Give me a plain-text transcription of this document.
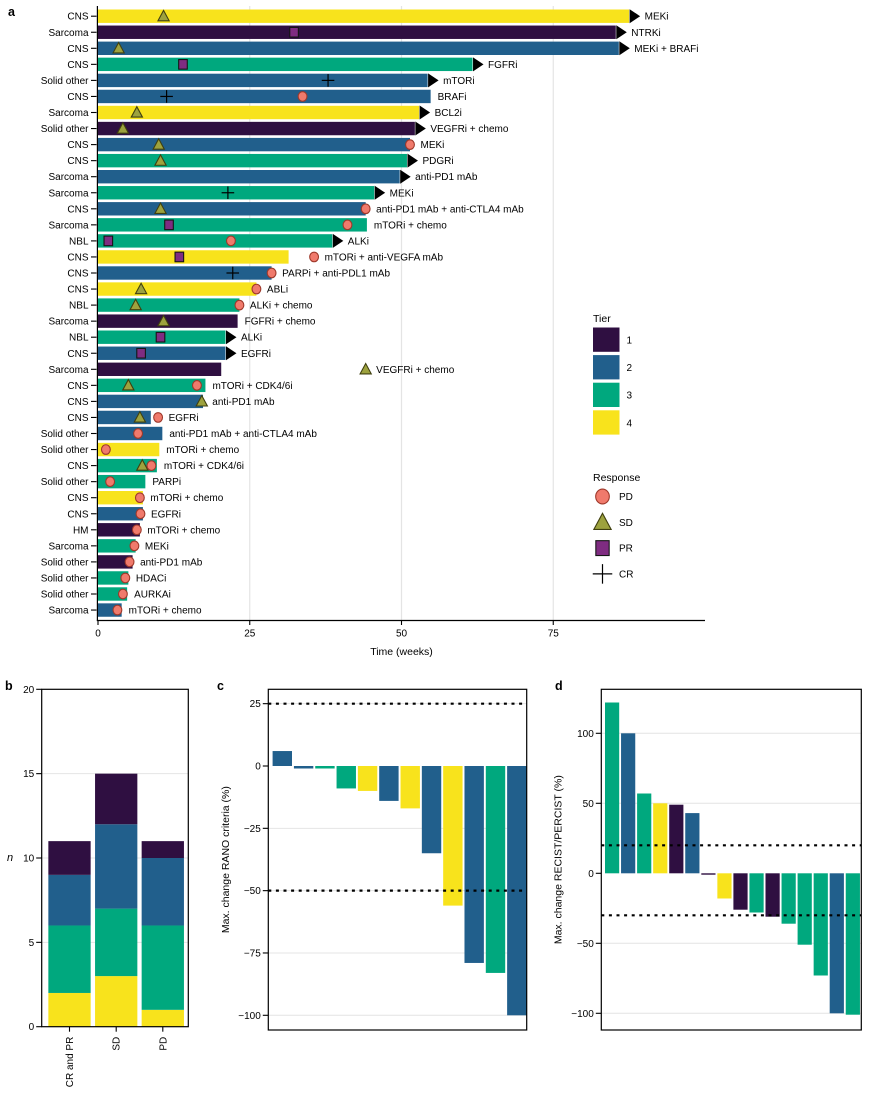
a
b	c	d
0	25	50	75
Time (weeks)
CNS	MEKi
Sarcoma	NTRKi
CNS	MEKi + BRAFi
CNS	FGFRi
Solid other	mTORi
CNS	BRAFi
Sarcoma	BCL2i
Solid other	VEGFRi + chemo
CNS	MEKi
CNS	PDGRi
Sarcoma	anti-PD1 mAb
Sarcoma	MEKi
CNS	anti-PD1 mAb + anti-CTLA4 mAb
Sarcoma	mTORi + chemo
NBL	ALKi
CNS	mTORi + anti-VEGFA mAb
CNS	PARPi + anti-PDL1 mAb
CNS	ABLi
NBL	ALKi + chemo
Sarcoma	FGFRi + chemo
NBL	ALKi
CNS	EGFRi
Sarcoma	VEGFRi + chemo
CNS	mTORi + CDK4/6i
CNS	anti-PD1 mAb
CNS	EGFRi
Solid other	anti-PD1 mAb + anti-CTLA4 mAb
Solid other	mTORi + chemo
CNS	mTORi + CDK4/6i
Solid other	PARPi
CNS	mTORi + chemo
CNS	EGFRi
HM	mTORi + chemo
Sarcoma	MEKi
Solid other	anti-PD1 mAb
Solid other	HDACi
Solid other	AURKAi
Sarcoma	mTORi + chemo
Tier
1
2
3
4
Response
PD
SD
PR
CR
CR and PR	SD	PD
0
5
10
15
20
n
25
0
−25
−50
−75
−100
Max. change RANO criteria (%)
100
50
0
−50
−100
Max. change RECIST/PERCIST (%)
